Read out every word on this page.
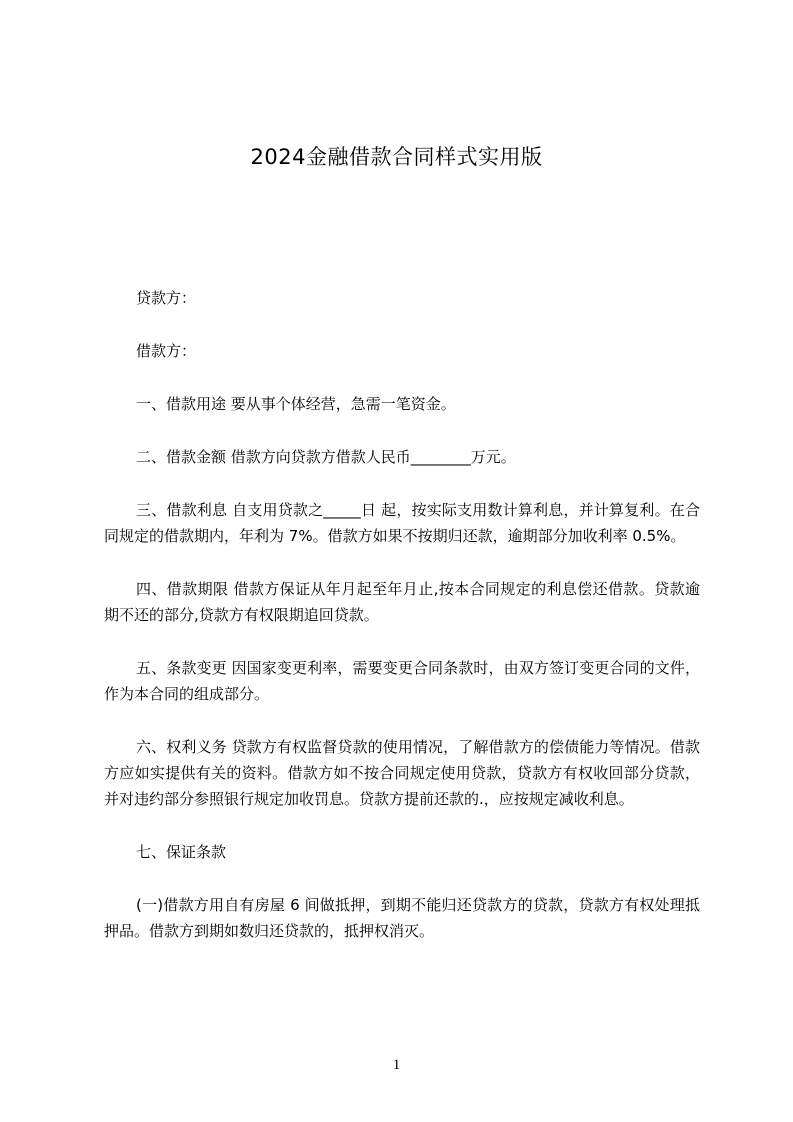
2024金融借款合同样式实用版

贷款方：

借款方：

一、借款用途 要从事个体经营，急需一笔资金。

二、借款金额 借款方向贷款方借款人民币________万元。

三、借款利息 自支用贷款之_____日 起，按实际支用数计算利息，并计算复利。在合同规定的借款期内，年利为 7%。借款方如果不按期归还款，逾期部分加收利率 0.5%。

四、借款期限 借款方保证从年月起至年月止,按本合同规定的利息偿还借款。贷款逾期不还的部分,贷款方有权限期追回贷款。

五、条款变更 因国家变更利率，需要变更合同条款时，由双方签订变更合同的文件，作为本合同的组成部分。

六、权利义务 贷款方有权监督贷款的使用情况，了解借款方的偿债能力等情况。借款方应如实提供有关的资料。借款方如不按合同规定使用贷款，贷款方有权收回部分贷款，并对违约部分参照银行规定加收罚息。贷款方提前还款的.，应按规定减收利息。

七、保证条款

(一)借款方用自有房屋 6 间做抵押，到期不能归还贷款方的贷款，贷款方有权处理抵押品。借款方到期如数归还贷款的，抵押权消灭。

1
